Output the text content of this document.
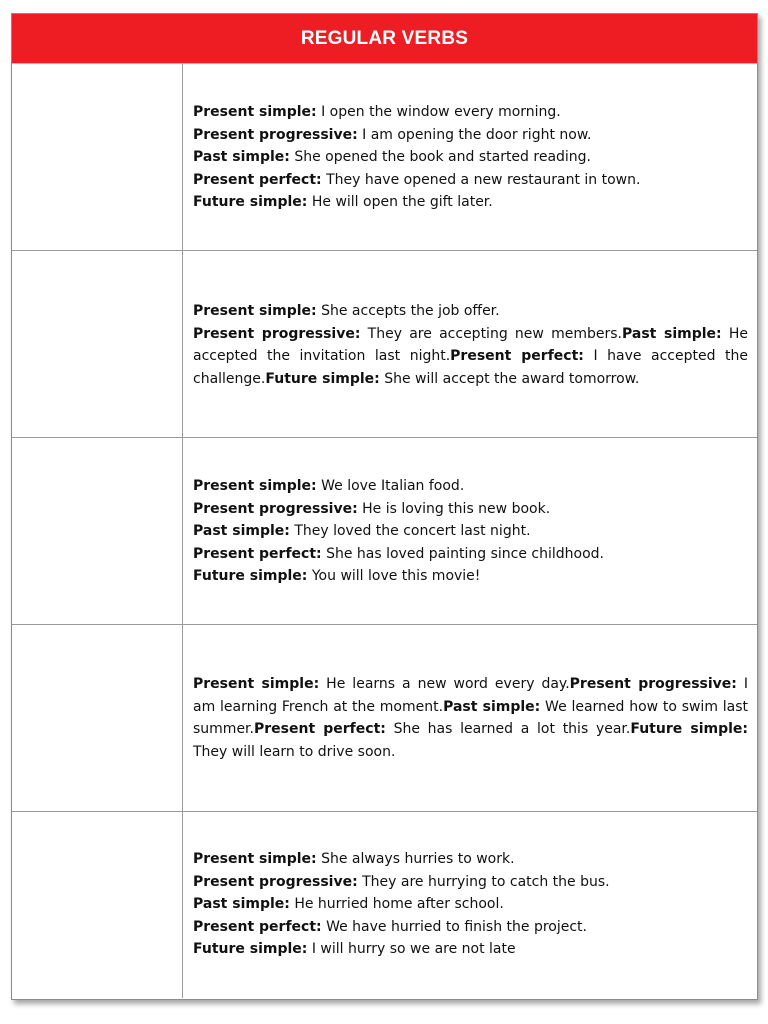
REGULAR VERBS

Present simple: I open the window every morning.

Present progressive: I am opening the door right now.

Past simple: She opened the book and started reading.

Present perfect: They have opened a new restaurant in town.

Future simple: He will open the gift later.

Present simple: She accepts the job offer.

Present progressive: They are accepting new members.Past simple: He accepted the invitation last night.Present perfect: I have accepted the challenge.Future simple: She will accept the award tomorrow.

Present simple: We love Italian food.

Present progressive: He is loving this new book.

Past simple: They loved the concert last night.

Present perfect: She has loved painting since childhood.

Future simple: You will love this movie!

Present simple: He learns a new word every day.Present progressive: I am learning French at the moment.Past simple: We learned how to swim last summer.Present perfect: She has learned a lot this year.Future simple: They will learn to drive soon.

Present simple: She always hurries to work.

Present progressive: They are hurrying to catch the bus.

Past simple: He hurried home after school.

Present perfect: We have hurried to finish the project.

Future simple: I will hurry so we are not late
